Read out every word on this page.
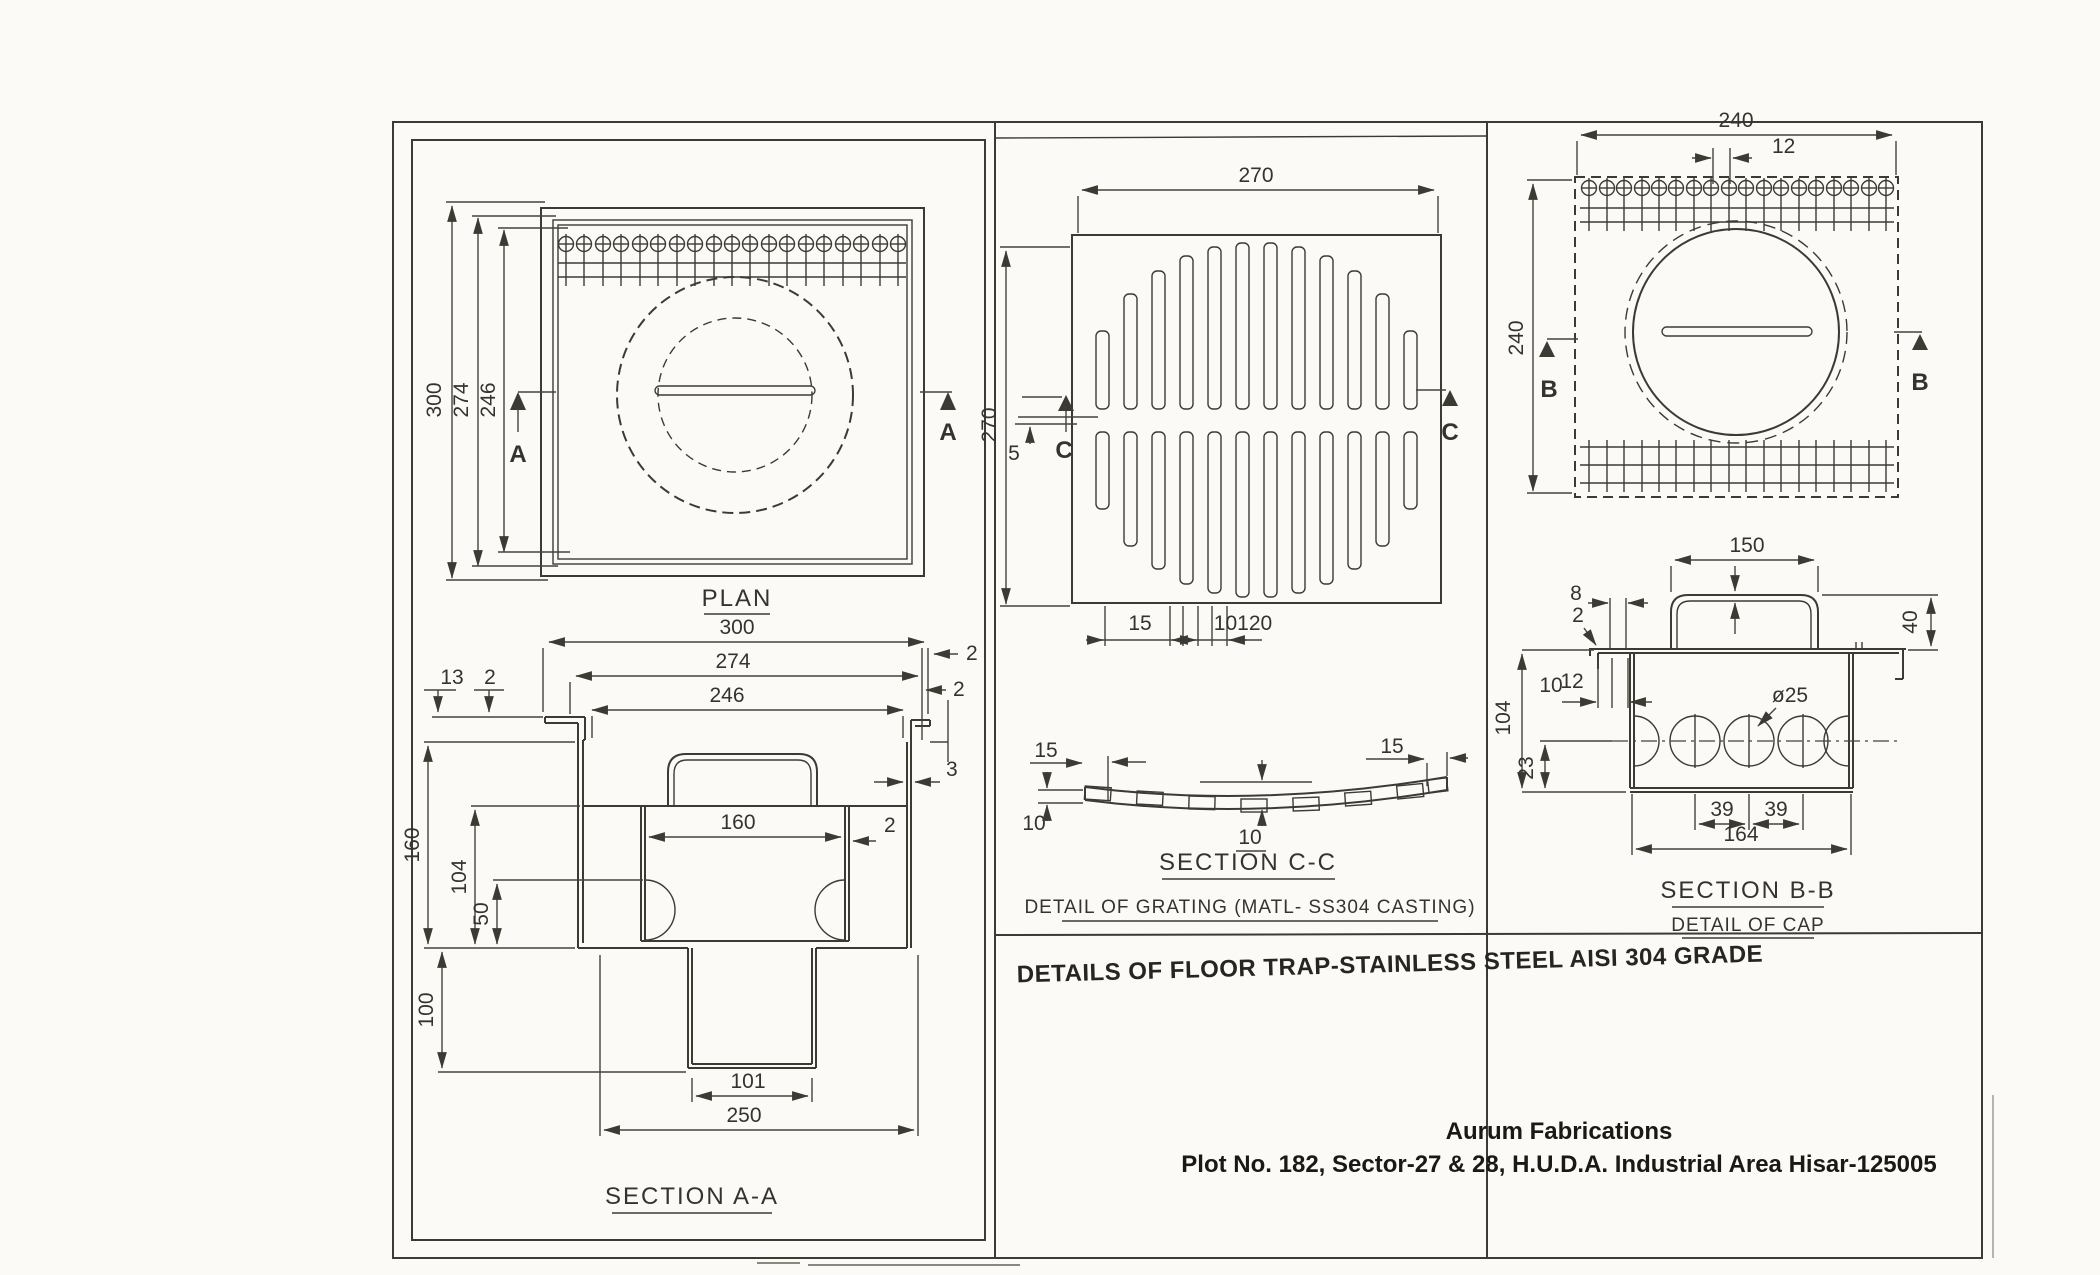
A
A
300 274 246
PLAN
300
274
246
2
2
13 2
160
104
50
100
160	2
3
101
250
SECTION A-A
270
270
5
15	10120
C
C
15
10
15
10
SECTION C-C
DETAIL OF GRATING (MATL- SS304 CASTING)
240
12
240
B	B
150
40
8
2
10
12
104
23
ø25
39 39
164
SECTION B-B
DETAIL OF CAP
DETAILS OF FLOOR TRAP-STAINLESS STEEL AISI 304 GRADE
Aurum Fabrications
Plot No. 182, Sector-27 & 28, H.U.D.A. Industrial Area Hisar-125005
